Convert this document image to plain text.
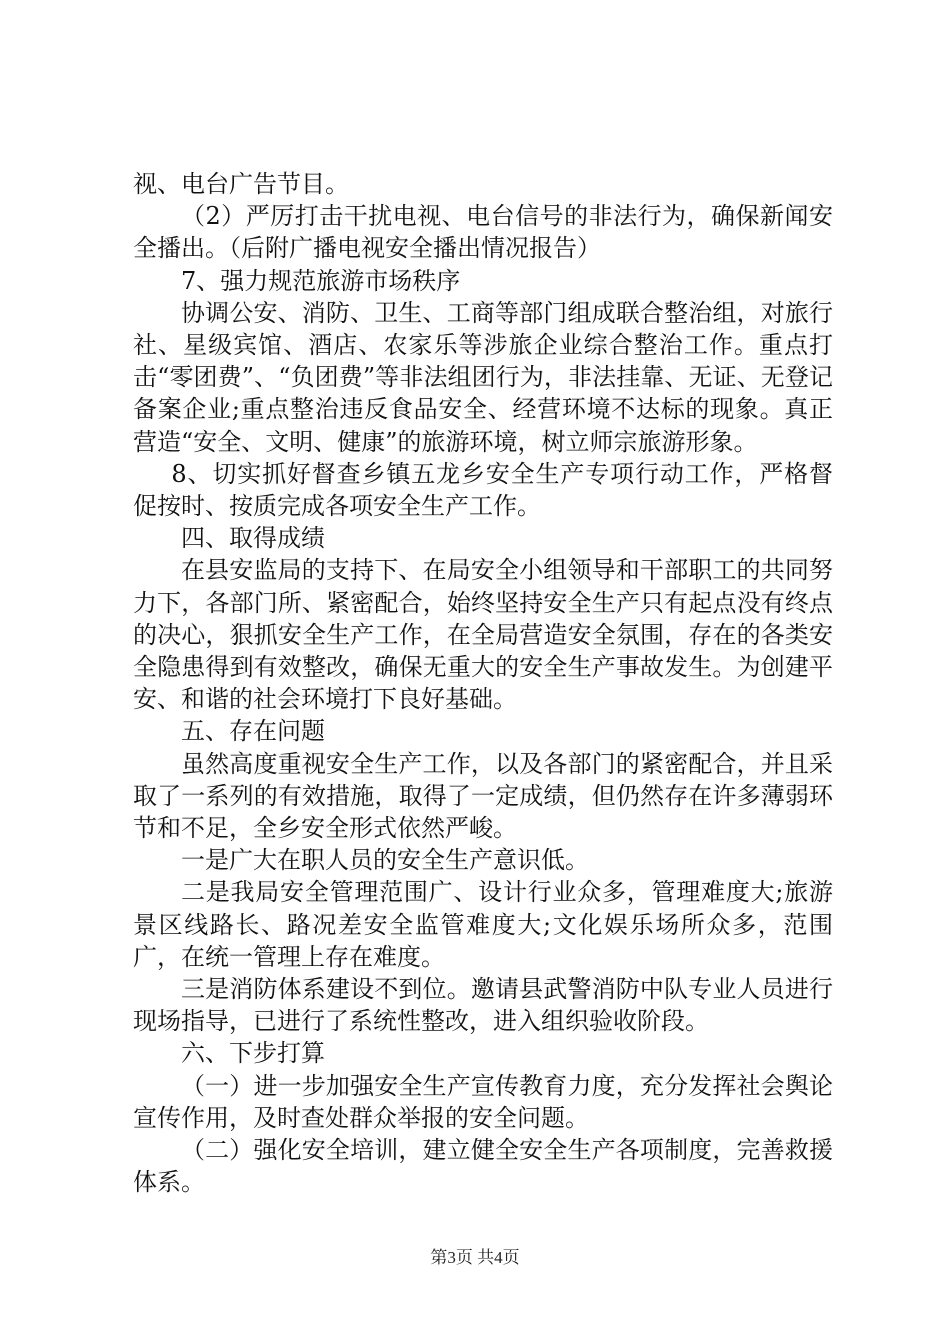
视、电台广告节目。

（2）严厉打击干扰电视、电台信号的非法行为，确保新闻安全播出。（后附广播电视安全播出情况报告）

7、强力规范旅游市场秩序

协调公安、消防、卫生、工商等部门组成联合整治组，对旅行社、星级宾馆、酒店、农家乐等涉旅企业综合整治工作。重点打击“零团费”、“负团费”等非法组团行为，非法挂靠、无证、无登记备案企业;重点整治违反食品安全、经营环境不达标的现象。真正营造“安全、文明、健康”的旅游环境，树立师宗旅游形象。

8、切实抓好督查乡镇五龙乡安全生产专项行动工作，严格督促按时、按质完成各项安全生产工作。

四、取得成绩

在县安监局的支持下、在局安全小组领导和干部职工的共同努力下，各部门所、紧密配合，始终坚持安全生产只有起点没有终点的决心，狠抓安全生产工作，在全局营造安全氛围，存在的各类安全隐患得到有效整改，确保无重大的安全生产事故发生。为创建平安、和谐的社会环境打下良好基础。

五、存在问题

虽然高度重视安全生产工作，以及各部门的紧密配合，并且采取了一系列的有效措施，取得了一定成绩，但仍然存在许多薄弱环节和不足，全乡安全形式依然严峻。

一是广大在职人员的安全生产意识低。

二是我局安全管理范围广、设计行业众多，管理难度大;旅游景区线路长、路况差安全监管难度大;文化娱乐场所众多，范围广，在统一管理上存在难度。

三是消防体系建设不到位。邀请县武警消防中队专业人员进行现场指导，已进行了系统性整改，进入组织验收阶段。

六、下步打算

（一）进一步加强安全生产宣传教育力度，充分发挥社会舆论宣传作用，及时查处群众举报的安全问题。

（二）强化安全培训，建立健全安全生产各项制度，完善救援体系。

第3页 共4页
